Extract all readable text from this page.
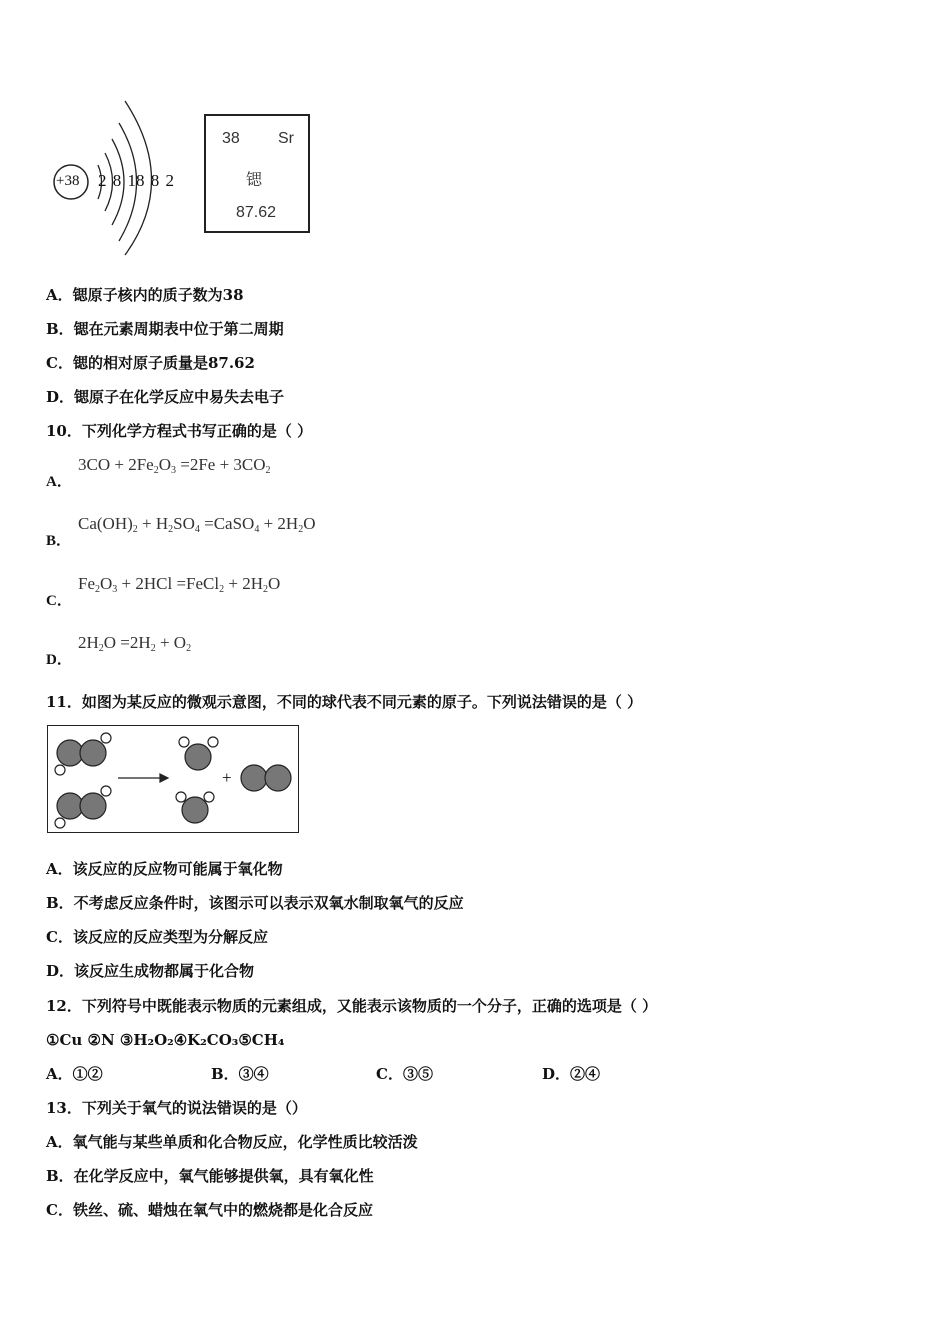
+38 2 8 18 8 2
38 Sr
锶
87.62
A．锶原子核内的质子数为38
B．锶在元素周期表中位于第二周期
C．锶的相对原子质量是87.62
D．锶原子在化学反应中易失去电子
10．下列化学方程式书写正确的是（ ）
A．
$3CO + 2Fe_2O_3 =2Fe + 3CO_2$
B．
$Ca(OH)_2 + H_2SO_4$ =CaSO$_4$ + $2H_2O$
C．
$Fe_2O_3 + 2HCl$ =FeCl$_2$ + $2H_2O$
D．
$2H_2O =2H_2 + O_2$
11．如图为某反应的微观示意图，不同的球代表不同元素的原子。下列说法错误的是（ ）
+
A．该反应的反应物可能属于氧化物
B．不考虑反应条件时，该图示可以表示双氧水制取氧气的反应
C．该反应的反应类型为分解反应
D．该反应生成物都属于化合物
12．下列符号中既能表示物质的元素组成，又能表示该物质的一个分子，正确的选项是（ ）
①Cu ②N ③H₂O₂④K₂CO₃⑤CH₄
A．①②	B．③④	C．③⑤	D．②④
13．下列关于氧气的说法错误的是（）
A．氧气能与某些单质和化合物反应，化学性质比较活泼
B．在化学反应中，氧气能够提供氧，具有氧化性
C．铁丝、硫、蜡烛在氧气中的燃烧都是化合反应
